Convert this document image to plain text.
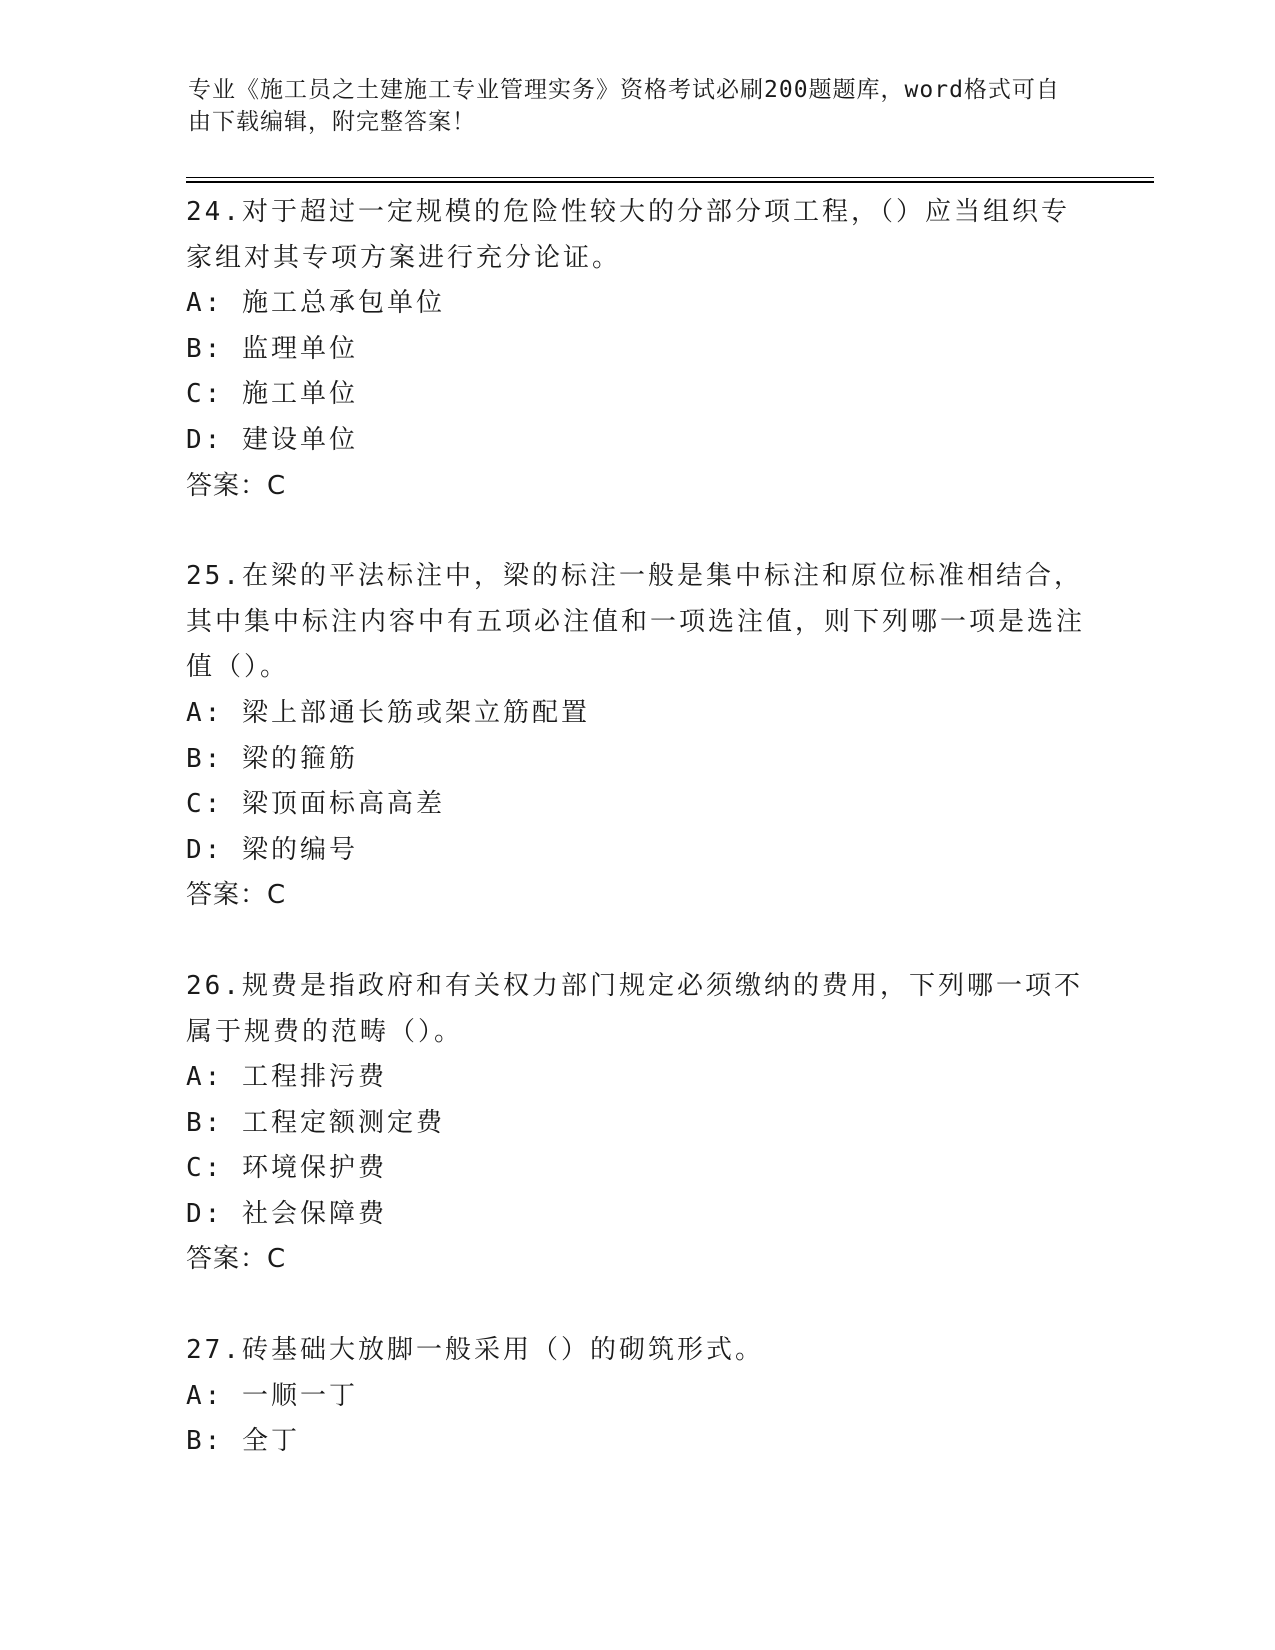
专业《施工员之土建施工专业管理实务》资格考试必刷200题题库，word格式可自由下载编辑，附完整答案！

24.对于超过一定规模的危险性较大的分部分项工程，（）应当组织专家组对其专项方案进行充分论证。

A: 施工总承包单位

B: 监理单位

C: 施工单位

D: 建设单位

答案：C

25.在梁的平法标注中，梁的标注一般是集中标注和原位标准相结合，其中集中标注内容中有五项必注值和一项选注值，则下列哪一项是选注值（）。

A: 梁上部通长筋或架立筋配置

B: 梁的箍筋

C: 梁顶面标高高差

D: 梁的编号

答案：C

26.规费是指政府和有关权力部门规定必须缴纳的费用，下列哪一项不属于规费的范畴（）。

A: 工程排污费

B: 工程定额测定费

C: 环境保护费

D: 社会保障费

答案：C

27.砖基础大放脚一般采用（）的砌筑形式。

A: 一顺一丁

B: 全丁
